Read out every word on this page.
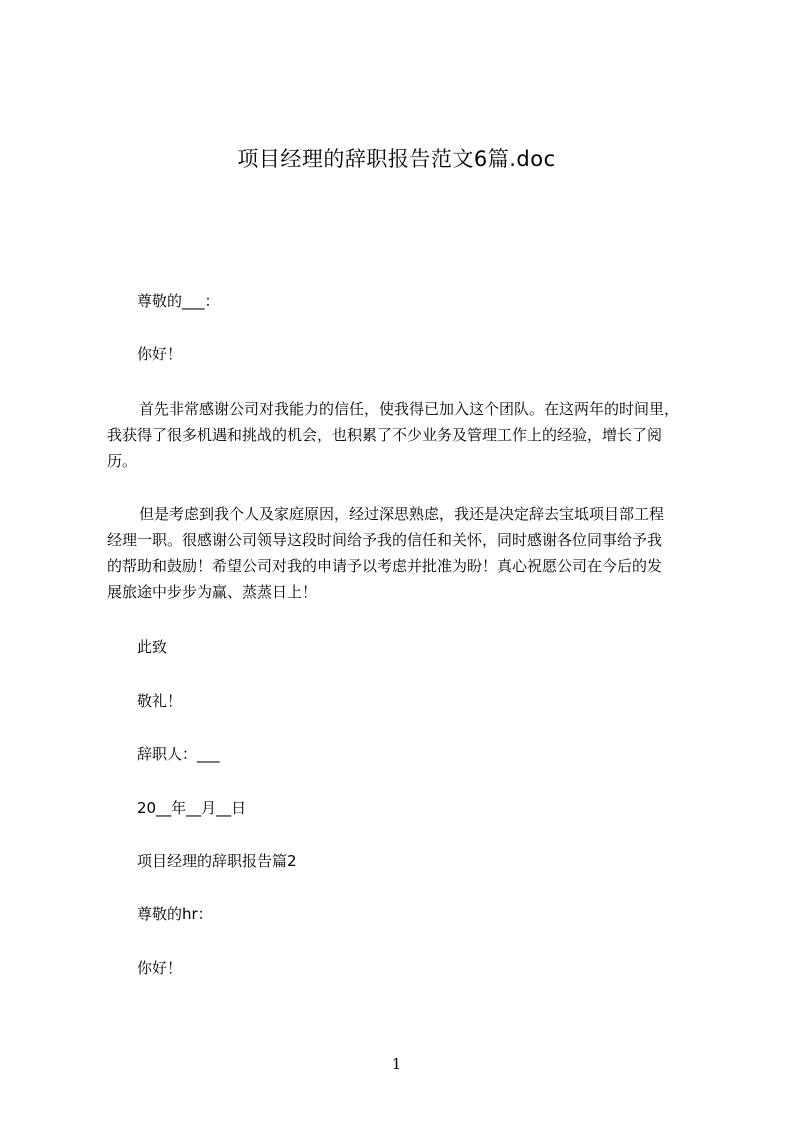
项目经理的辞职报告范文6篇.doc
尊敬的___：
你好！
首先非常感谢公司对我能力的信任，使我得已加入这个团队。在这两年的时间里，
我获得了很多机遇和挑战的机会，也积累了不少业务及管理工作上的经验，增长了阅
历。
但是考虑到我个人及家庭原因，经过深思熟虑，我还是决定辞去宝坻项目部工程
经理一职。很感谢公司领导这段时间给予我的信任和关怀，同时感谢各位同事给予我
的帮助和鼓励！希望公司对我的申请予以考虑并批准为盼！真心祝愿公司在今后的发
展旅途中步步为赢、蒸蒸日上！
此致
敬礼！
辞职人：___
20__年__月__日
项目经理的辞职报告篇2
尊敬的hr：
你好！
1
